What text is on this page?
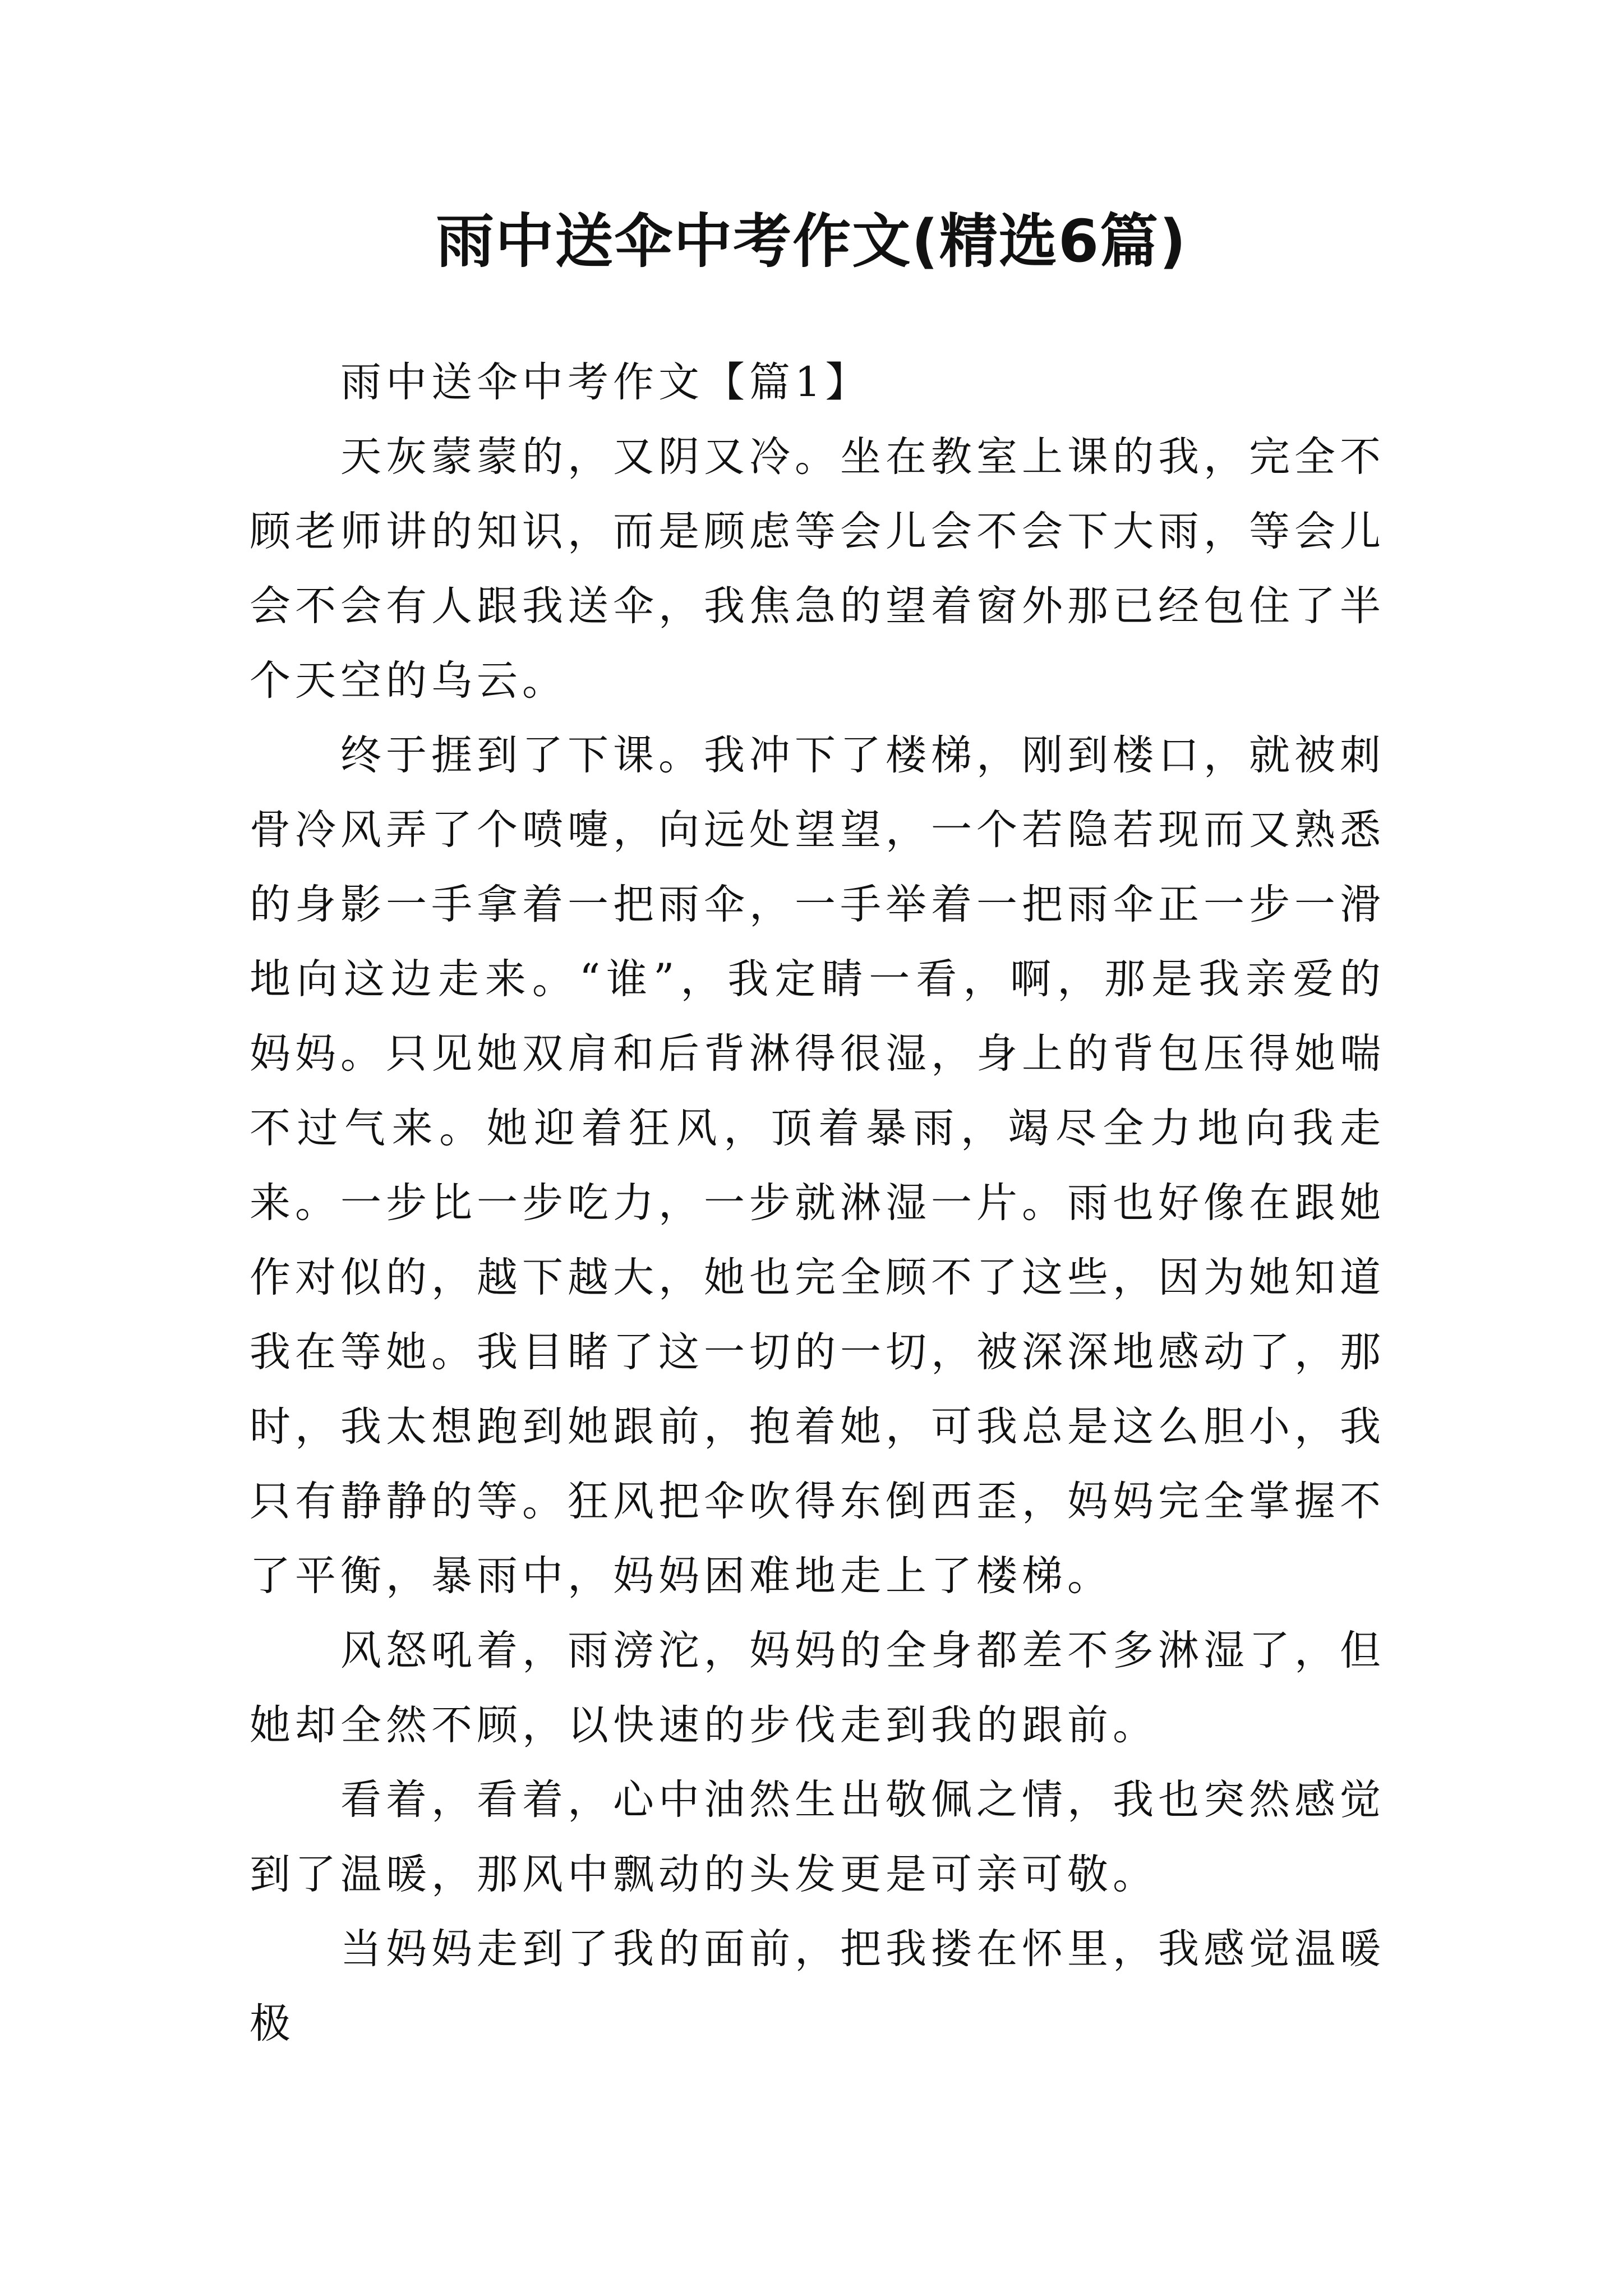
雨中送伞中考作文(精选6篇)

雨中送伞中考作文【篇1】

天灰蒙蒙的，又阴又冷。坐在教室上课的我，完全不顾老师讲的知识，而是顾虑等会儿会不会下大雨，等会儿会不会有人跟我送伞，我焦急的望着窗外那已经包住了半个天空的乌云。

终于捱到了下课。我冲下了楼梯，刚到楼口，就被刺骨冷风弄了个喷嚏，向远处望望，一个若隐若现而又熟悉的身影一手拿着一把雨伞，一手举着一把雨伞正一步一滑地向这边走来。“谁”，我定睛一看，啊，那是我亲爱的妈妈。只见她双肩和后背淋得很湿，身上的背包压得她喘不过气来。她迎着狂风，顶着暴雨，竭尽全力地向我走来。一步比一步吃力，一步就淋湿一片。雨也好像在跟她作对似的，越下越大，她也完全顾不了这些，因为她知道我在等她。我目睹了这一切的一切，被深深地感动了，那时，我太想跑到她跟前，抱着她，可我总是这么胆小，我只有静静的等。狂风把伞吹得东倒西歪，妈妈完全掌握不了平衡，暴雨中，妈妈困难地走上了楼梯。

风怒吼着，雨滂沱，妈妈的全身都差不多淋湿了，但她却全然不顾，以快速的步伐走到我的跟前。

看着，看着，心中油然生出敬佩之情，我也突然感觉到了温暖，那风中飘动的头发更是可亲可敬。

当妈妈走到了我的面前，把我搂在怀里，我感觉温暖极
